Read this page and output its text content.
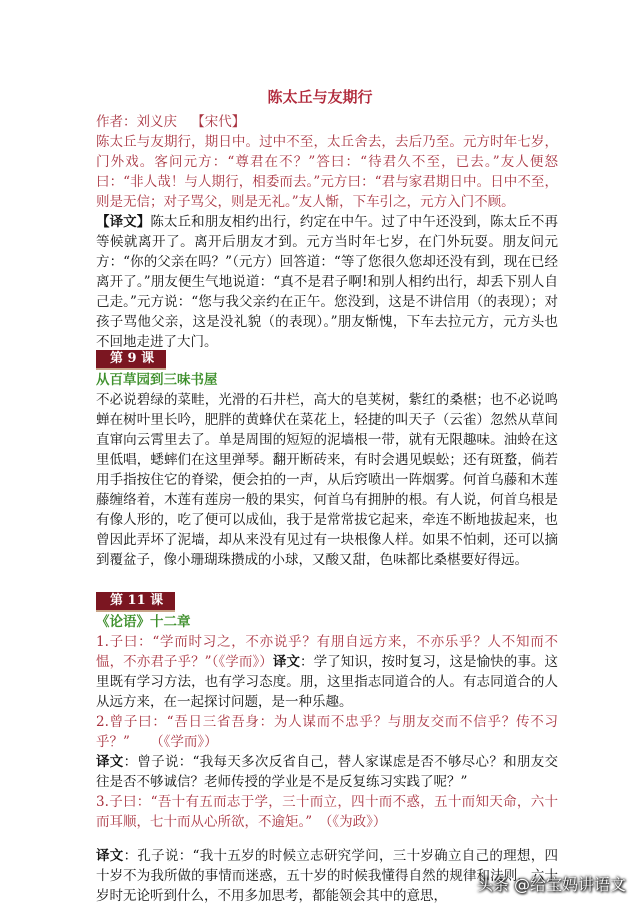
陈太丘与友期行

作者：刘义庆 【宋代】

陈太丘与友期行，期日中。过中不至，太丘舍去，去后乃至。元方时年七岁，门外戏。客问元方：“尊君在不？”答曰：“待君久不至，已去。”友人便怒曰：“非人哉！与人期行，相委而去。”元方曰：“君与家君期日中。日中不至，则是无信；对子骂父，则是无礼。”友人惭，下车引之，元方入门不顾。

【译文】陈太丘和朋友相约出行，约定在中午。过了中午还没到，陈太丘不再等候就离开了。离开后朋友才到。元方当时年七岁，在门外玩耍。朋友问元方：“你的父亲在吗？”（元方）回答道：“等了您很久您却还没有到，现在已经离开了。”朋友便生气地说道：“真不是君子啊!和别人相约出行，却丢下别人自己走。”元方说：“您与我父亲约在正午。您没到，这是不讲信用（的表现）；对孩子骂他父亲，这是没礼貌（的表现）。”朋友惭愧，下车去拉元方，元方头也不回地走进了大门。

第 9 课

从百草园到三味书屋

不必说碧绿的菜畦，光滑的石井栏，高大的皂荚树，紫红的桑椹；也不必说鸣蝉在树叶里长吟，肥胖的黄蜂伏在菜花上，轻捷的叫天子（云雀）忽然从草间直窜向云霄里去了。单是周围的短短的泥墙根一带，就有无限趣味。油蛉在这里低唱，蟋蟀们在这里弹琴。翻开断砖来，有时会遇见蜈蚣；还有斑蝥，倘若用手指按住它的脊梁，便会拍的一声，从后窍喷出一阵烟雾。何首乌藤和木莲藤缠络着，木莲有莲房一般的果实，何首乌有拥肿的根。有人说，何首乌根是有像人形的，吃了便可以成仙，我于是常常拔它起来，牵连不断地拔起来，也曾因此弄坏了泥墙，却从来没有见过有一块根像人样。如果不怕刺，还可以摘到覆盆子，像小珊瑚珠攒成的小球，又酸又甜，色味都比桑椹要好得远。

第 11 课

《论语》十二章

1.子曰：“学而时习之，不亦说乎？有朋自远方来，不亦乐乎？人不知而不愠，不亦君子乎？”（《学而》）译文：学了知识，按时复习，这是愉快的事。这里既有学习方法，也有学习态度。朋，这里指志同道合的人。有志同道合的人从远方来，在一起探讨问题，是一种乐趣。

2.曾子曰：“吾日三省吾身：为人谋而不忠乎？与朋友交而不信乎？传不习乎？”　　（《学而》）

译文：曾子说：“我每天多次反省自己，替人家谋虑是否不够尽心？和朋友交往是否不够诚信？老师传授的学业是不是反复练习实践了呢？”

3.子曰：“吾十有五而志于学，三十而立，四十而不惑，五十而知天命，六十而耳顺，七十而从心所欲，不逾矩。”　（《为政》）

译文：孔子说：“我十五岁的时候立志研究学问，三十岁确立自己的理想，四十岁不为我所做的事情而迷惑，五十岁的时候我懂得自然的规律和法则，六十岁时无论听到什么，不用多加思考，都能领会其中的意思，

头条 @给宝妈讲语文
